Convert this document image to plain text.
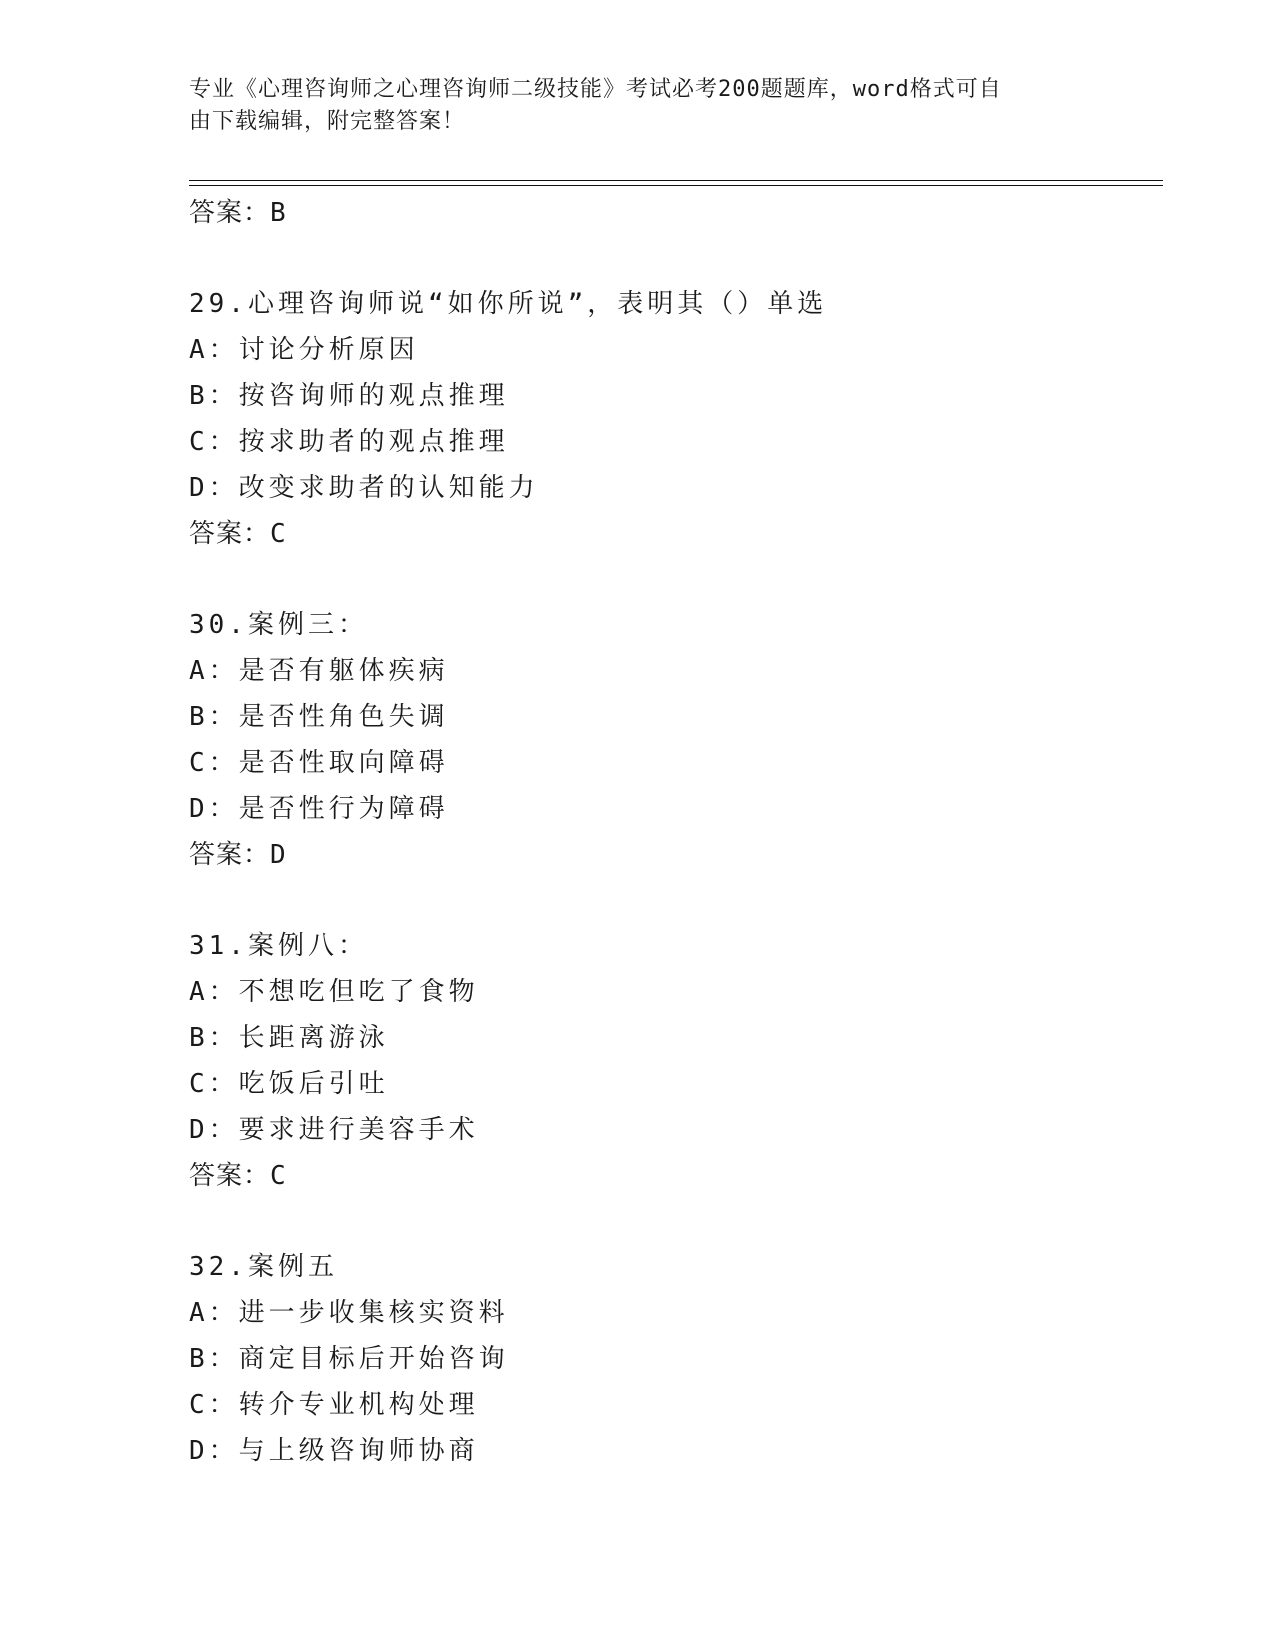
专业《心理咨询师之心理咨询师二级技能》考试必考200题题库，word格式可自
由下载编辑，附完整答案！
答案：B
29.心理咨询师说“如你所说”，表明其（）单选
A：讨论分析原因
B：按咨询师的观点推理
C：按求助者的观点推理
D：改变求助者的认知能力
答案：C
30.案例三：
A：是否有躯体疾病
B：是否性角色失调
C：是否性取向障碍
D：是否性行为障碍
答案：D
31.案例八：
A：不想吃但吃了食物
B：长距离游泳
C：吃饭后引吐
D：要求进行美容手术
答案：C
32.案例五
A：进一步收集核实资料
B：商定目标后开始咨询
C：转介专业机构处理
D：与上级咨询师协商
